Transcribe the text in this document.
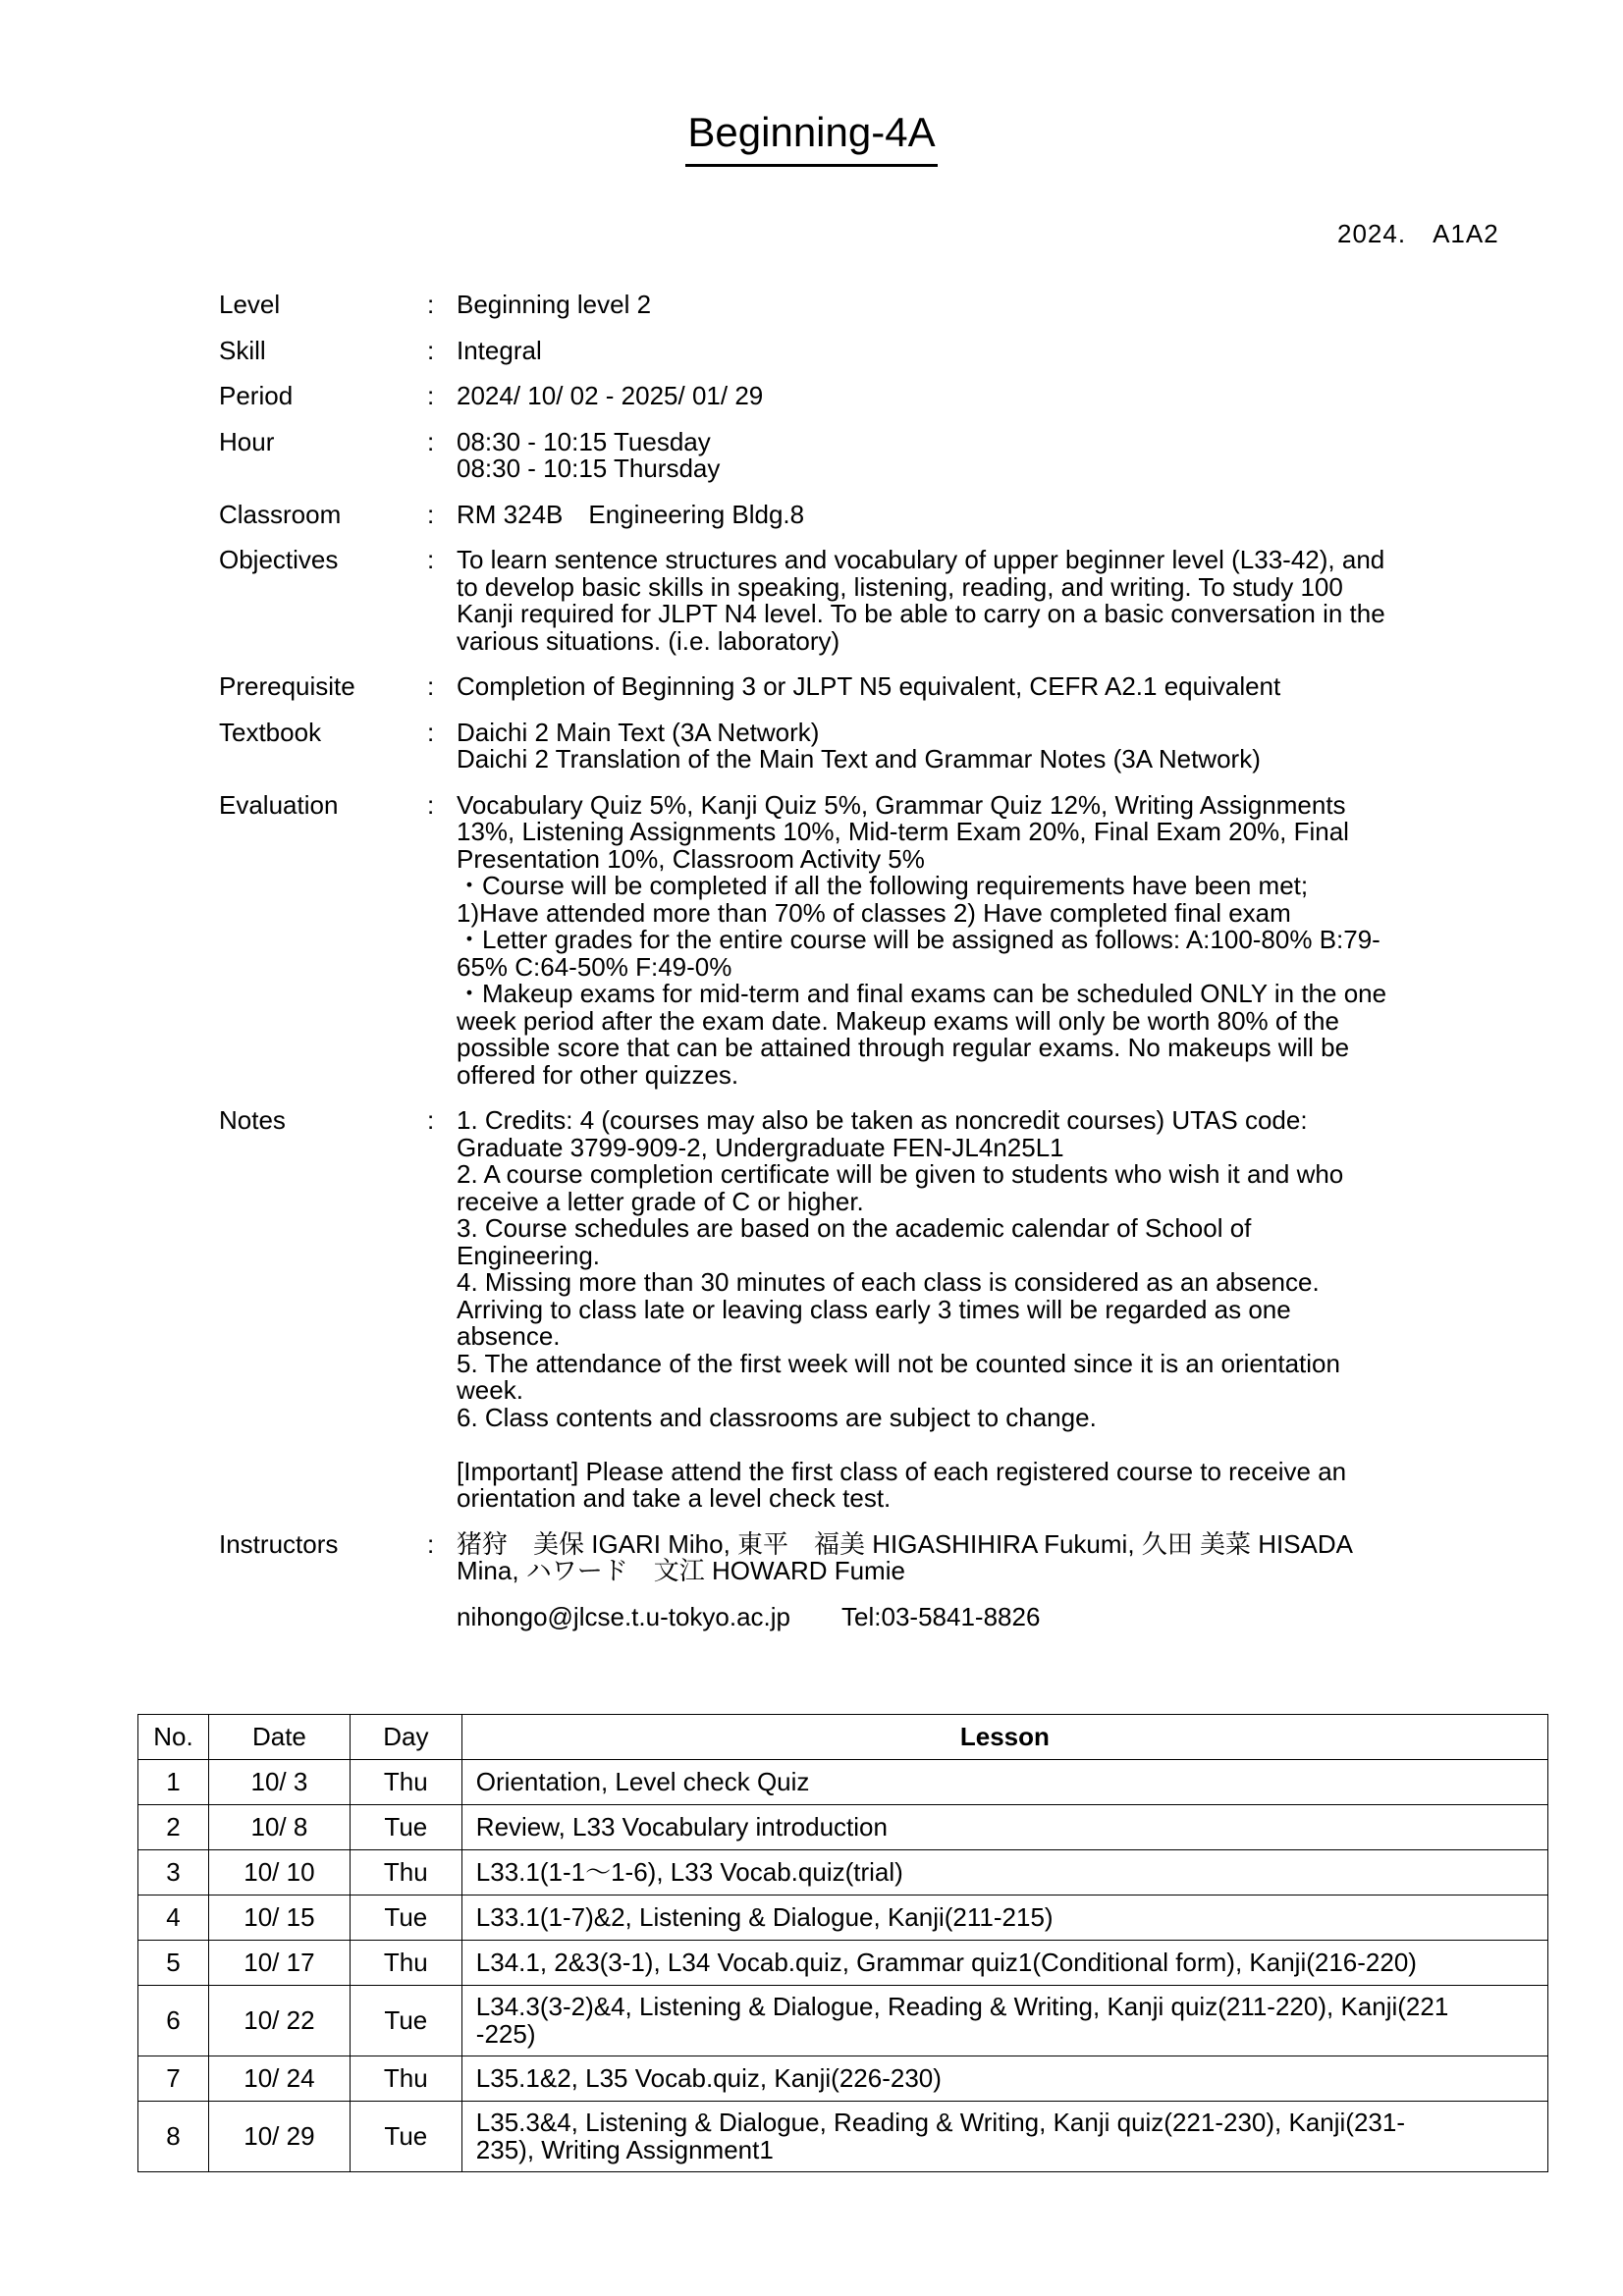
Beginning-4A
2024.　A1A2
Level	: Beginning level 2
Skill	: Integral
Period	: 2024/ 10/ 02 - 2025/ 01/ 29
Hour	: 08:30 - 10:15 Tuesday
08:30 - 10:15 Thursday
Classroom	: RM 324B　Engineering Bldg.8
Objectives	: To learn sentence structures and vocabulary of upper beginner level (L33-42), and
to develop basic skills in speaking, listening, reading, and writing. To study 100
Kanji required for JLPT N4 level. To be able to carry on a basic conversation in the
various situations. (i.e. laboratory)
Prerequisite	: Completion of Beginning 3 or JLPT N5 equivalent, CEFR A2.1 equivalent
Textbook	: Daichi 2 Main Text (3A Network)
Daichi 2 Translation of the Main Text and Grammar Notes (3A Network)
Evaluation	: Vocabulary Quiz 5%, Kanji Quiz 5%, Grammar Quiz 12%, Writing Assignments
13%, Listening Assignments 10%, Mid-term Exam 20%, Final Exam 20%, Final
Presentation 10%, Classroom Activity 5%
・Course will be completed if all the following requirements have been met;
1)Have attended more than 70% of classes 2) Have completed final exam
・Letter grades for the entire course will be assigned as follows: A:100-80% B:79-
65% C:64-50% F:49-0%
・Makeup exams for mid-term and final exams can be scheduled ONLY in the one
week period after the exam date. Makeup exams will only be worth 80% of the
possible score that can be attained through regular exams. No makeups will be
offered for other quizzes.
Notes	: 1. Credits: 4 (courses may also be taken as noncredit courses) UTAS code:
Graduate 3799-909-2, Undergraduate FEN-JL4n25L1
2. A course completion certificate will be given to students who wish it and who
receive a letter grade of C or higher.
3. Course schedules are based on the academic calendar of School of
Engineering.
4. Missing more than 30 minutes of each class is considered as an absence.
Arriving to class late or leaving class early 3 times will be regarded as one
absence.
5. The attendance of the first week will not be counted since it is an orientation
week.
6. Class contents and classrooms are subject to change.
[Important] Please attend the first class of each registered course to receive an
orientation and take a level check test.
Instructors	: 猪狩　美保 IGARI Miho, 東平　福美 HIGASHIHIRA Fukumi, 久田 美菜 HISADA
Mina, ハワード　文江 HOWARD Fumie
nihongo@jlcse.t.u-tokyo.ac.jp Tel:03-5841-8826
No.	Date	Day	Lesson
1	10/ 3	Thu	Orientation, Level check Quiz
2	10/ 8	Tue	Review, L33 Vocabulary introduction
3	10/ 10	Thu	L33.1(1-1〜1-6), L33 Vocab.quiz(trial)
4	10/ 15	Tue	L33.1(1-7)&2, Listening & Dialogue, Kanji(211-215)
5	10/ 17	Thu	L34.1, 2&3(3-1), L34 Vocab.quiz, Grammar quiz1(Conditional form), Kanji(216-220)
6	10/ 22	Tue	L34.3(3-2)&4, Listening & Dialogue, Reading & Writing, Kanji quiz(211-220), Kanji(221
-225)
7	10/ 24	Thu	L35.1&2, L35 Vocab.quiz, Kanji(226-230)
8	10/ 29	Tue	L35.3&4, Listening & Dialogue, Reading & Writing, Kanji quiz(221-230), Kanji(231-
235), Writing Assignment1
